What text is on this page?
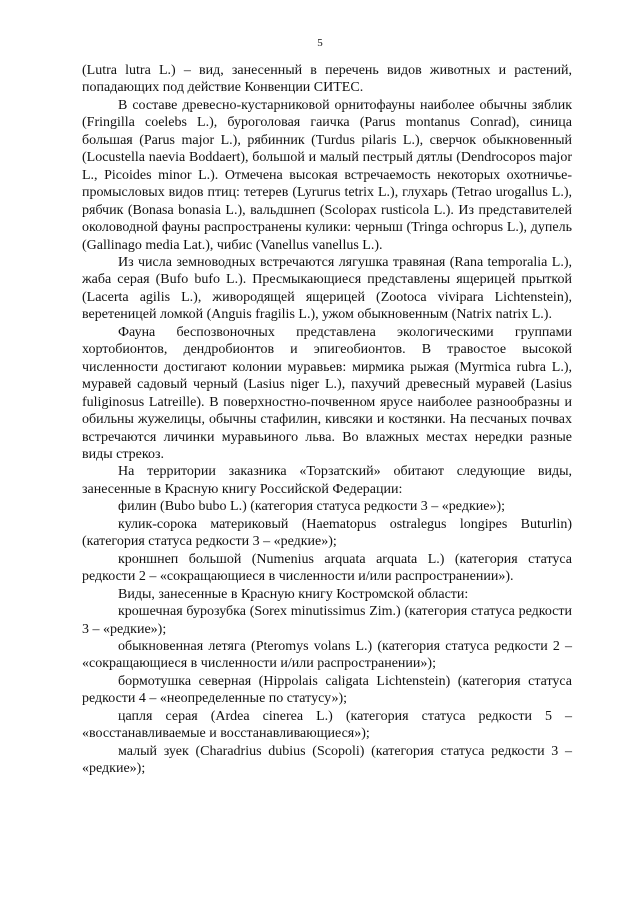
5

(Lutra lutra L.) – вид, занесенный в перечень видов животных и растений, попадающих под действие Конвенции СИТЕС.

В составе древесно-кустарниковой орнитофауны наиболее обычны зяблик (Fringilla coelebs L.), буроголовая гаичка (Parus montanus Conrad), синица большая (Parus major L.), рябинник (Turdus pilaris L.), сверчок обыкновенный (Locustella naevia Boddaert), большой и малый пестрый дятлы (Dendrocopos major L., Picoides minor L.). Отмечена высокая встречаемость некоторых охотничье-промысловых видов птиц: тетерев (Lyrurus tetrix L.), глухарь (Tetrao urogallus L.), рябчик (Bonasa bonasia L.), вальдшнеп (Scolopax rusticola L.). Из представителей околоводной фауны распространены кулики: черныш (Tringa ochropus L.), дупель (Gallinago media Lat.), чибис (Vanellus vanellus L.).

Из числа земноводных встречаются лягушка травяная (Rana temporalia L.), жаба серая (Bufo bufo L.). Пресмыкающиеся представлены ящерицей прыткой (Lacerta agilis L.), живородящей ящерицей (Zootoca vivipara Lichtenstein), веретеницей ломкой (Anguis fragilis L.), ужом обыкновенным (Natrix natrix L.).

Фауна беспозвоночных представлена экологическими группами хортобионтов, дендробионтов и эпигеобионтов. В травостое высокой численности достигают колонии муравьев: мирмика рыжая (Myrmica rubra L.), муравей садовый черный (Lasius niger L.), пахучий древесный муравей (Lasius fuliginosus Latreille). В поверхностно-почвенном ярусе наиболее разнообразны и обильны жужелицы, обычны стафилин, кивсяки и костянки. На песчаных почвах встречаются личинки муравьиного льва. Во влажных местах нередки разные виды стрекоз.

На территории заказника «Торзатский» обитают следующие виды, занесенные в Красную книгу Российской Федерации:

филин (Bubo bubo L.) (категория статуса редкости 3 – «редкие»);

кулик-сорока материковый (Haematopus ostralegus longipes Buturlin) (категория статуса редкости 3 – «редкие»);

кроншнеп большой (Numenius arquata arquata L.) (категория статуса редкости 2 – «сокращающиеся в численности и/или распространении»).

Виды, занесенные в Красную книгу Костромской области:

крошечная бурозубка (Sorex minutissimus Zim.) (категория статуса редкости 3 – «редкие»);

обыкновенная летяга (Pteromys volans L.) (категория статуса редкости 2 – «сокращающиеся в численности и/или распространении»);

бормотушка северная (Hippolais caligata Lichtenstein) (категория статуса редкости 4 – «неопределенные по статусу»);

цапля серая (Ardea cinerea L.) (категория статуса редкости 5 – «восстанавливаемые и восстанавливающиеся»);

малый зуек (Charadrius dubius (Scopoli) (категория статуса редкости 3 – «редкие»);
